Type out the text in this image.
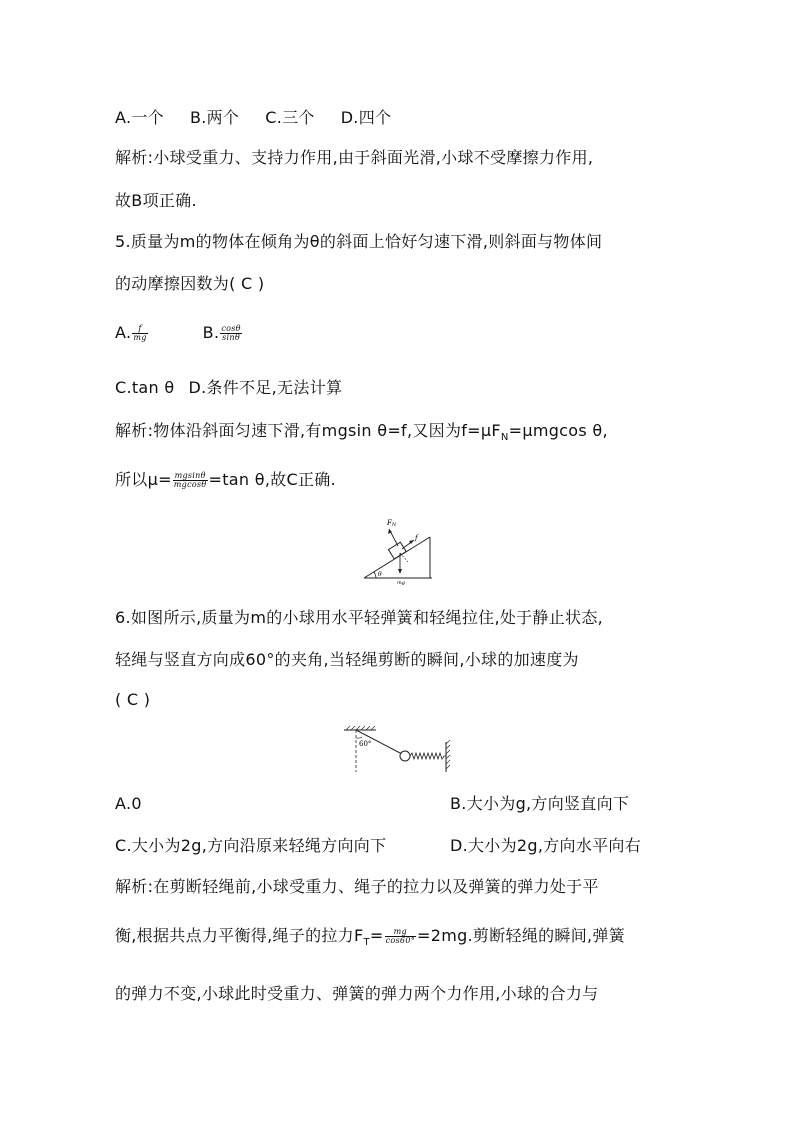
A.一个 B.两个 C.三个 D.四个
解析:小球受重力、支持力作用,由于斜面光滑,小球不受摩擦力作用,
故B项正确.
5.质量为m的物体在倾角为θ的斜面上恰好匀速下滑,则斜面与物体间
的动摩擦因数为( C )
A. $\frac{f}{mg}$	B. $\frac{\cos\theta}{\sin\theta}$
C.tan θ D.条件不足,无法计算
解析:物体沿斜面匀速下滑,有mgsin θ=f,又因为$f=\mu F_N=\mu mgcos$ θ,
所以$\mu= \frac{mgsin\theta}{mgcos\theta} =\tan$ θ,故C正确.
FN
f
θ
mg
6.如图所示,质量为m的小球用水平轻弹簧和轻绳拉住,处于静止状态,
轻绳与竖直方向成60°的夹角,当轻绳剪断的瞬间,小球的加速度为
( C )
60°
A.0	B.大小为g,方向竖直向下
C.大小为2g,方向沿原来轻绳方向向下	D.大小为2g,方向水平向右
解析:在剪断轻绳前,小球受重力、绳子的拉力以及弹簧的弹力处于平
衡,根据共点力平衡得,绳子的拉力$F_T= \frac{mg}{\cos 60^\circ} =2mg$.剪断轻绳的瞬间,弹簧
的弹力不变,小球此时受重力、弹簧的弹力两个力作用,小球的合力与
